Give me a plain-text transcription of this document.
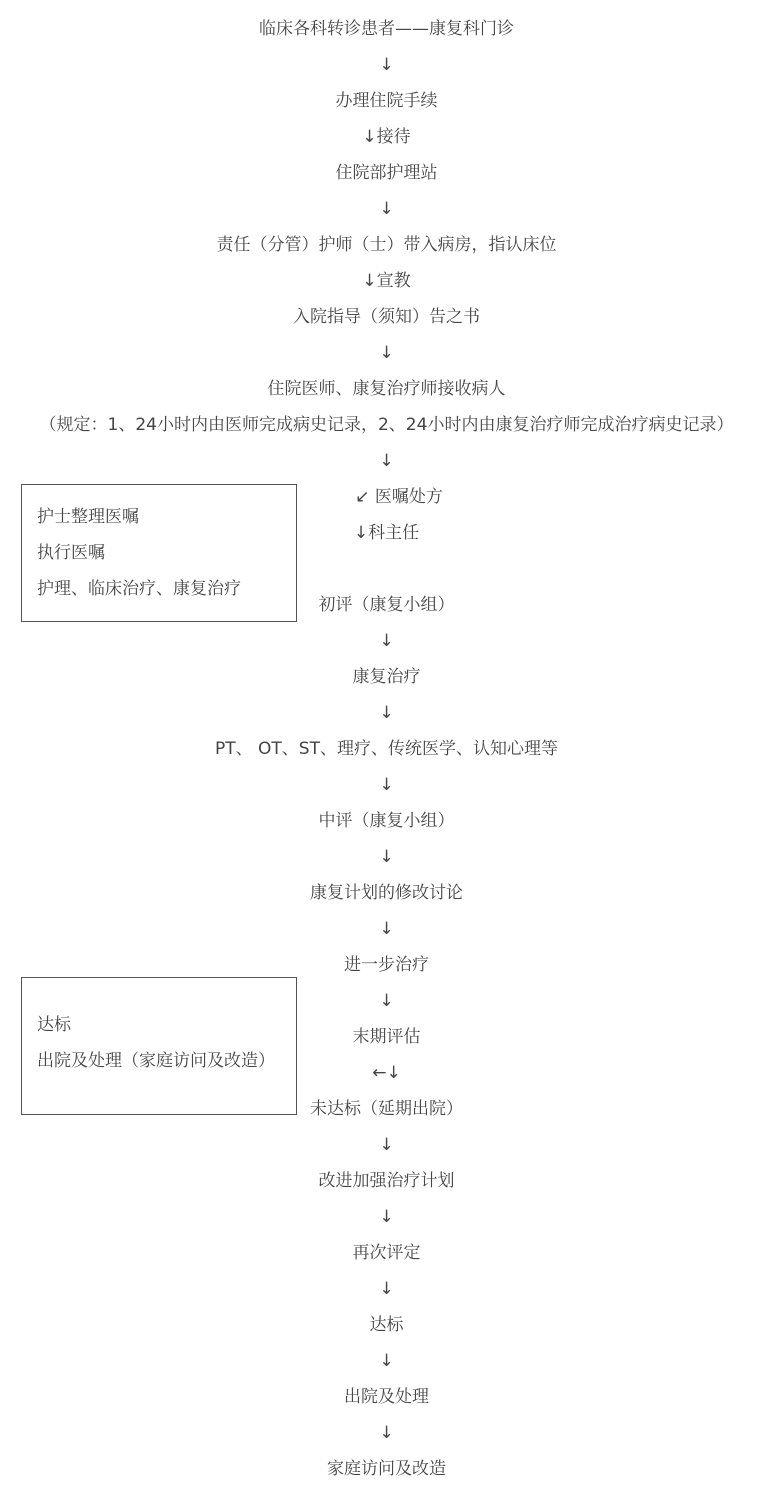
临床各科转诊患者——康复科门诊
↓
办理住院手续
↓接待
住院部护理站
↓
责任（分管）护师（士）带入病房，指认床位
↓宣教
入院指导（须知）告之书
↓
住院医师、康复治疗师接收病人
（规定：1、24小时内由医师完成病史记录，2、24小时内由康复治疗师完成治疗病史记录）
↓
↙ 医嘱处方
↓科主任
初评（康复小组）
↓
康复治疗
↓
PT、 OT、ST、理疗、传统医学、认知心理等
↓
中评（康复小组）
↓
康复计划的修改讨论
↓
进一步治疗
↓
末期评估
←↓
未达标（延期出院）
↓
改进加强治疗计划
↓
再次评定
↓
达标
↓
出院及处理
↓
家庭访问及改造
护士整理医嘱
执行医嘱
护理、临床治疗、康复治疗
达标
出院及处理（家庭访问及改造）
